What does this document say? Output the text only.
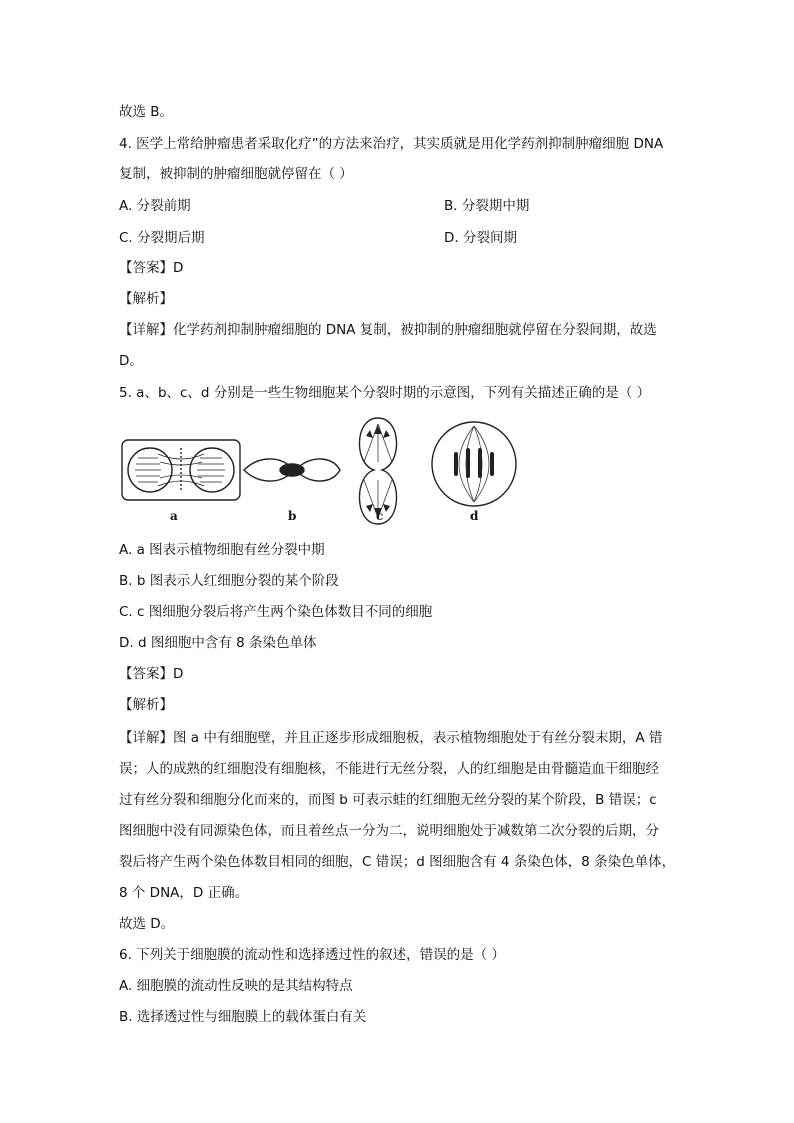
故选 B。
4. 医学上常给肿瘤患者采取化疗”的方法来治疗，其实质就是用化学药剂抑制肿瘤细胞 DNA
复制，被抑制的肿瘤细胞就停留在（ ）
A. 分裂前期	B. 分裂期中期
C. 分裂期后期	D. 分裂间期
【答案】D
【解析】
【详解】化学药剂抑制肿瘤细胞的 DNA 复制，被抑制的肿瘤细胞就停留在分裂间期，故选
D。
5. a、b、c、d 分别是一些生物细胞某个分裂时期的示意图，下列有关描述正确的是（ ）
a	b	c	d
A. a 图表示植物细胞有丝分裂中期
B. b 图表示人红细胞分裂的某个阶段
C. c 图细胞分裂后将产生两个染色体数目不同的细胞
D. d 图细胞中含有 8 条染色单体
【答案】D
【解析】
【详解】图 a 中有细胞壁，并且正逐步形成细胞板，表示植物细胞处于有丝分裂末期，A 错
误；人的成熟的红细胞没有细胞核，不能进行无丝分裂，人的红细胞是由骨髓造血干细胞经
过有丝分裂和细胞分化而来的，而图 b 可表示蛙的红细胞无丝分裂的某个阶段，B 错误；c
图细胞中没有同源染色体，而且着丝点一分为二，说明细胞处于减数第二次分裂的后期，分
裂后将产生两个染色体数目相同的细胞，C 错误；d 图细胞含有 4 条染色体，8 条染色单体，
8 个 DNA，D 正确。
故选 D。
6. 下列关于细胞膜的流动性和选择透过性的叙述，错误的是（ ）
A. 细胞膜的流动性反映的是其结构特点
B. 选择透过性与细胞膜上的载体蛋白有关
